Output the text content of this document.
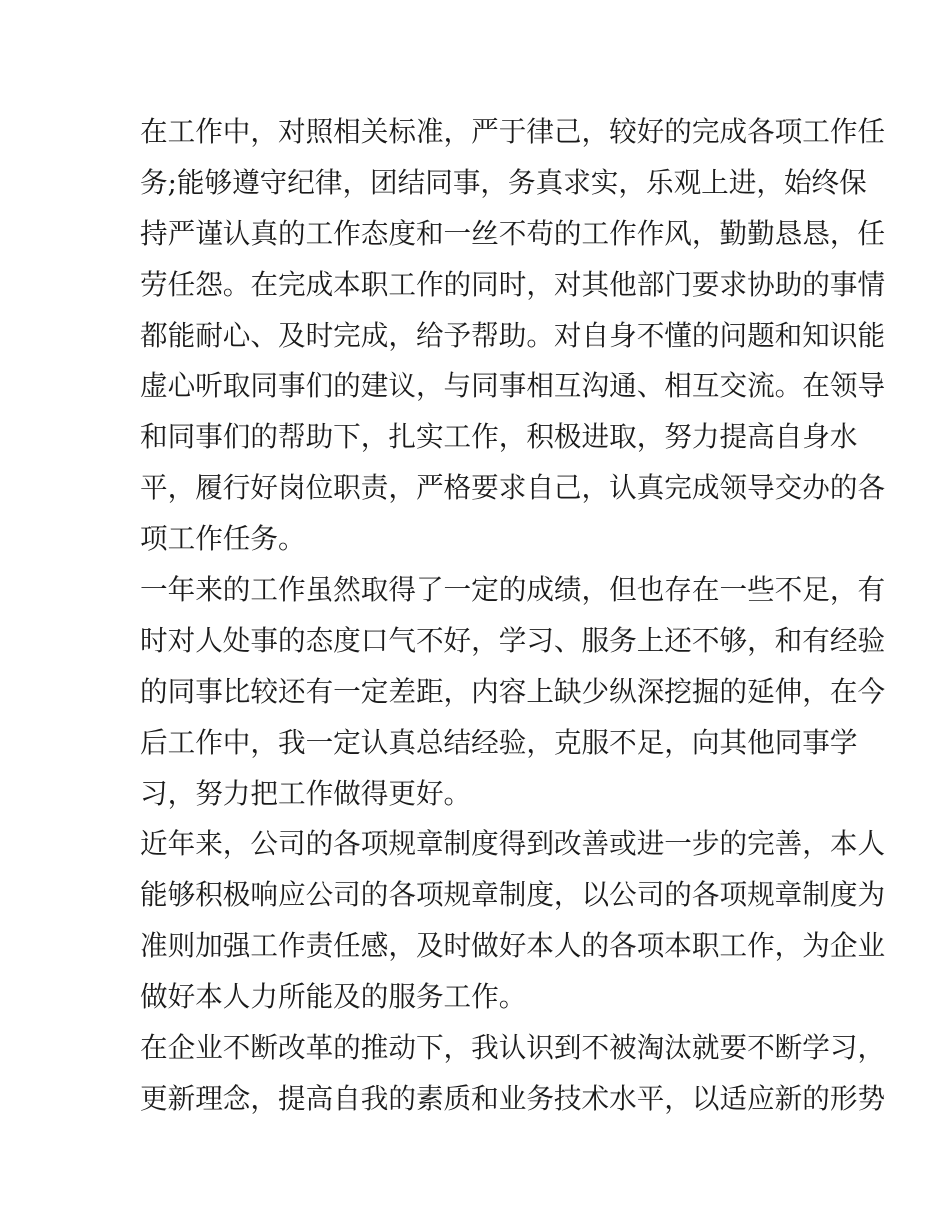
在工作中，对照相关标准，严于律己，较好的完成各项工作任
务;能够遵守纪律，团结同事，务真求实，乐观上进，始终保
持严谨认真的工作态度和一丝不苟的工作作风，勤勤恳恳，任
劳任怨。在完成本职工作的同时，对其他部门要求协助的事情
都能耐心、及时完成，给予帮助。对自身不懂的问题和知识能
虚心听取同事们的建议，与同事相互沟通、相互交流。在领导
和同事们的帮助下，扎实工作，积极进取，努力提高自身水
平，履行好岗位职责，严格要求自己，认真完成领导交办的各
项工作任务。
一年来的工作虽然取得了一定的成绩，但也存在一些不足，有
时对人处事的态度口气不好，学习、服务上还不够，和有经验
的同事比较还有一定差距，内容上缺少纵深挖掘的延伸，在今
后工作中，我一定认真总结经验，克服不足，向其他同事学
习，努力把工作做得更好。
近年来，公司的各项规章制度得到改善或进一步的完善，本人
能够积极响应公司的各项规章制度，以公司的各项规章制度为
准则加强工作责任感，及时做好本人的各项本职工作，为企业
做好本人力所能及的服务工作。
在企业不断改革的推动下，我认识到不被淘汰就要不断学习，
更新理念，提高自我的素质和业务技术水平，以适应新的形势
